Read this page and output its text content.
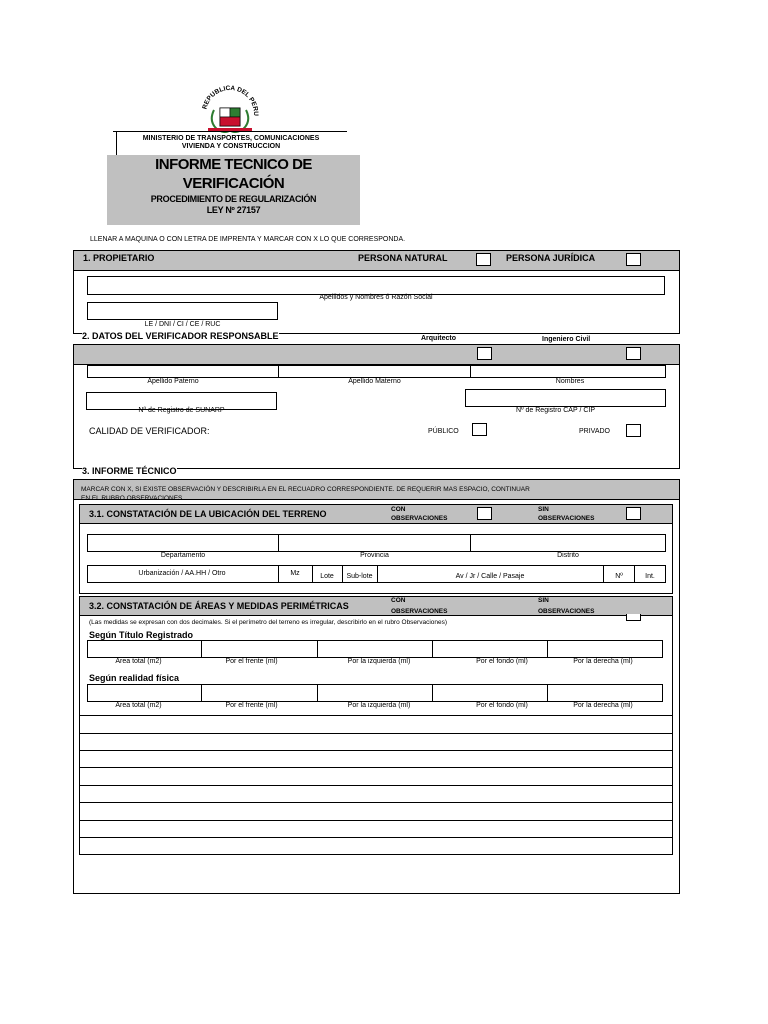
REPUBLICA DEL PERU
MINISTERIO DE TRANSPORTES, COMUNICACIONES
VIVIENDA Y CONSTRUCCION
INFORME TECNICO DE
VERIFICACIÓN
PROCEDIMIENTO DE REGULARIZACIÓN
LEY Nº 27157
LLENAR A MAQUINA O CON LETRA DE IMPRENTA Y MARCAR CON X LO QUE CORRESPONDA.
1. PROPIETARIO	PERSONA NATURAL	PERSONA JURÍDICA
Apellidos y Nombres ó Razón Social
LE / DNI / CI / CE / RUC
2. DATOS DEL VERIFICADOR RESPONSABLE	Arquitecto	Ingeniero Civil
Apellido Paterno	Apellido Materno	Nombres
Nº de Registro de SUNARP	Nº de Registro CAP / CIP
CALIDAD DE VERIFICADOR:	PÚBLICO	PRIVADO
3. INFORME TÉCNICO
MARCAR CON X, SI EXISTE OBSERVACIÓN Y DESCRIBIRLA EN EL RECUADRO CORRESPONDIENTE. DE REQUERIR MAS ESPACIO, CONTINUAR
EN EL RUBRO OBSERVACIONES
3.1. CONSTATACIÓN DE LA UBICACIÓN DEL TERRENO	CON
OBSERVACIONES
SIN
OBSERVACIONES
Departamento	Provincia	Distrito
Urbanización / AA.HH / Otro	Mz	Lote	Sub-lote	Av / Jr / Calle / Pasaje	Nº	Int.
3.2. CONSTATACIÓN DE ÁREAS Y MEDIDAS PERIMÉTRICAS
CON
OBSERVACIONES
SIN
OBSERVACIONES
(Las medidas se expresan con dos decimales. Si el perímetro del terreno es irregular, describirlo en el rubro Observaciones)
Según Título Registrado
Area total (m2)	Por el frente (ml)	Por la izquierda (ml)	Por el fondo (ml)	Por la derecha (ml)
Según realidad física
Area total (m2)	Por el frente (ml)	Por la izquierda (ml)	Por el fondo (ml)	Por la derecha (ml)
